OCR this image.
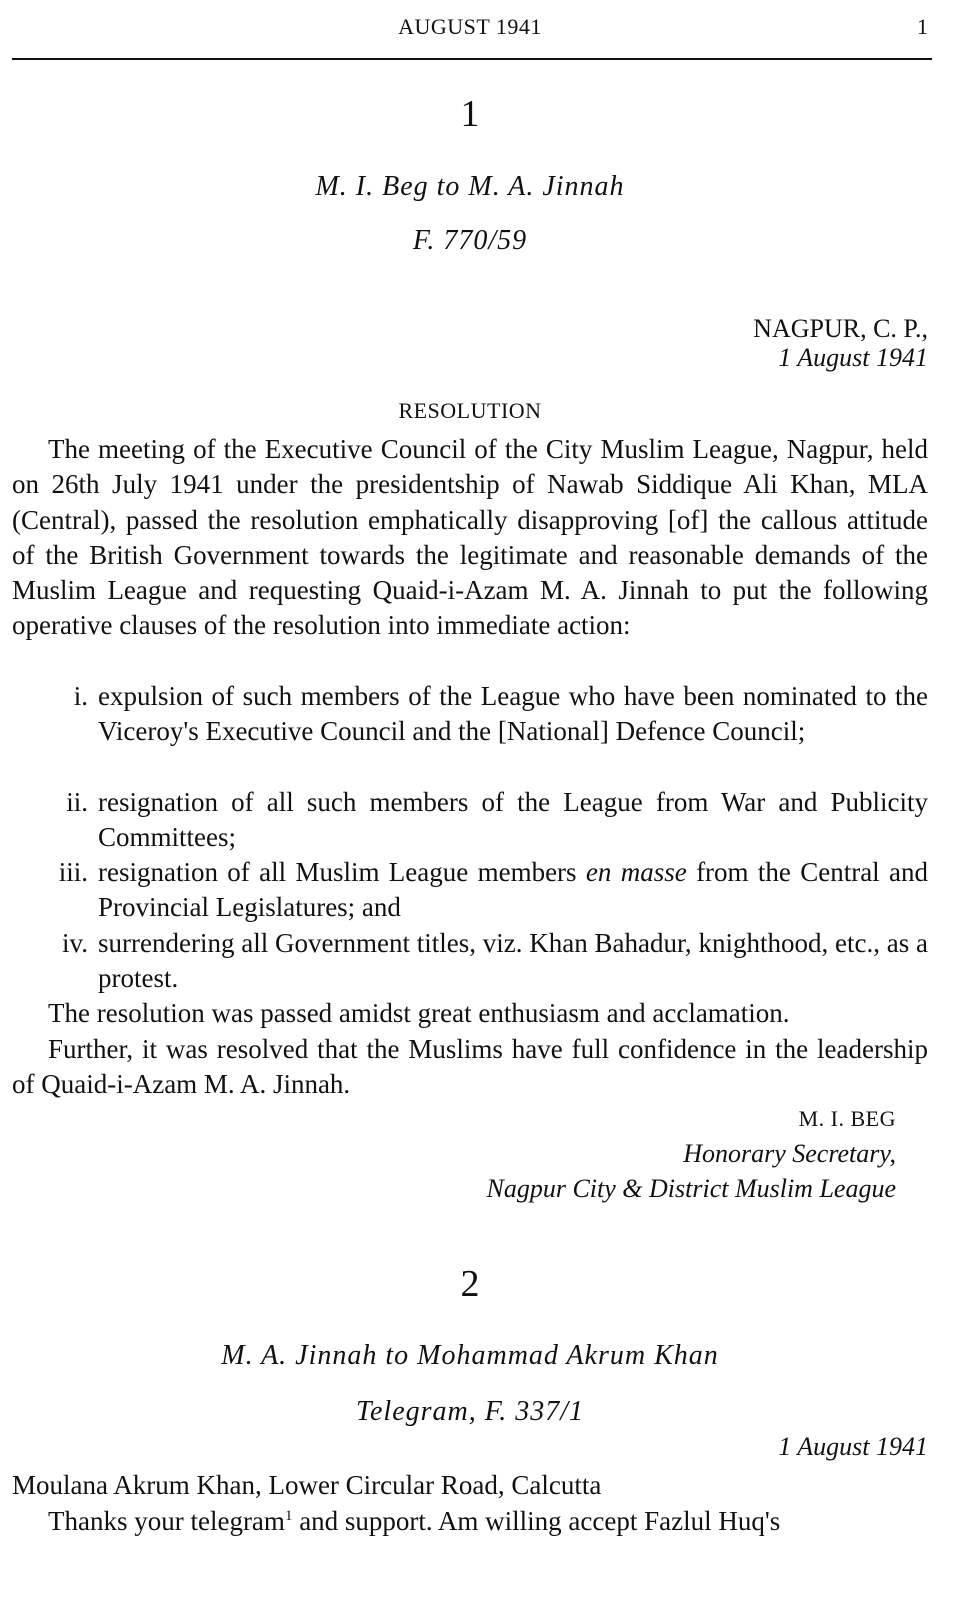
AUGUST 1941	1
1
M. I. Beg to M. A. Jinnah
F. 770/59
NAGPUR, C. P.,
1 August 1941
RESOLUTION
The meeting of the Executive Council of the City Muslim League, Nagpur, held on 26th July 1941 under the presidentship of Nawab Siddique Ali Khan, MLA (Central), passed the resolution emphatically disapproving [of] the callous attitude of the British Government towards the legitimate and reasonable demands of the Muslim League and requesting Quaid-i-Azam M. A. Jinnah to put the following operative clauses of the resolution into immediate action:
i. expulsion of such members of the League who have been nominated to the Viceroy's Executive Council and the [National] Defence Council;
ii. resignation of all such members of the League from War and Publicity Committees;
iii. resignation of all Muslim League members en masse from the Central and Provincial Legislatures; and
iv. surrendering all Government titles, viz. Khan Bahadur, knighthood, etc., as a protest.
The resolution was passed amidst great enthusiasm and acclamation.
Further, it was resolved that the Muslims have full confidence in the leadership of Quaid-i-Azam M. A. Jinnah.
M. I. BEG
Honorary Secretary,
Nagpur City & District Muslim League
2
M. A. Jinnah to Mohammad Akrum Khan
Telegram, F. 337/1
1 August 1941
Moulana Akrum Khan, Lower Circular Road, Calcutta
Thanks your telegram$^1$ and support. Am willing accept Fazlul Huq's
